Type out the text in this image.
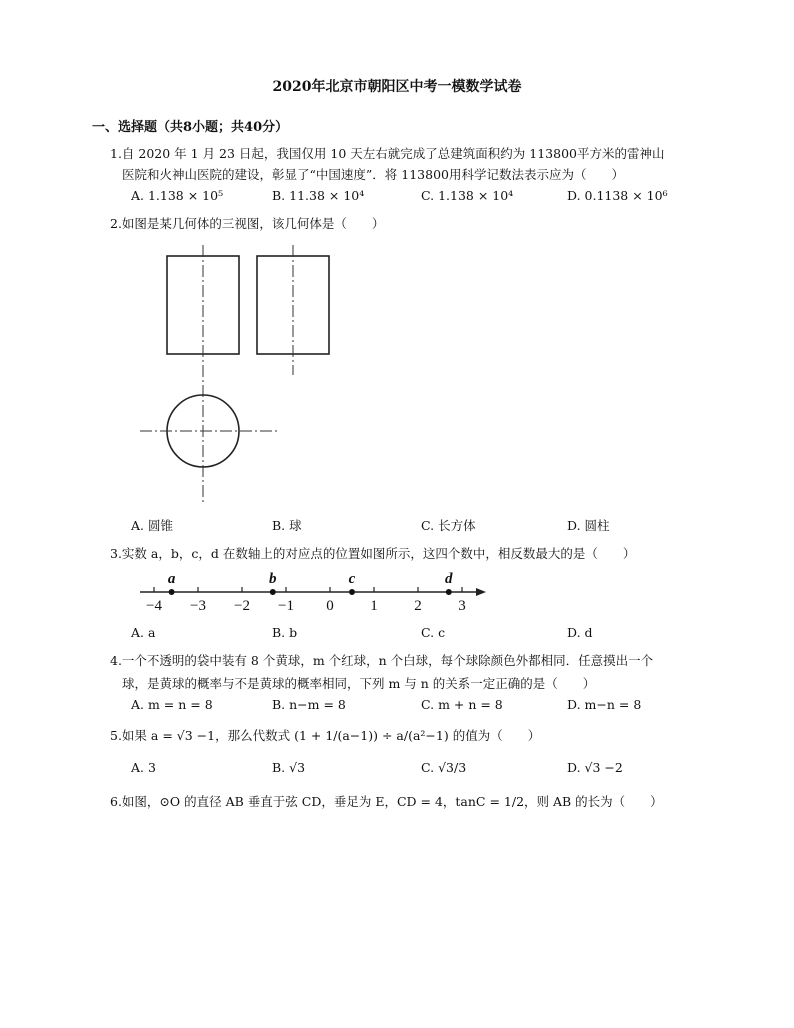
2020年北京市朝阳区中考一模数学试卷
一、选择题（共8小题；共40分）
1.自 2020 年 1 月 23 日起，我国仅用 10 天左右就完成了总建筑面积约为 113800平方米的雷神山
医院和火神山医院的建设，彰显了“中国速度”．将 113800用科学记数法表示应为（　　）
A. 1.138 × 10⁵	B. 11.38 × 10⁴	C. 1.138 × 10⁴	D. 0.1138 × 10⁶
2.如图是某几何体的三视图，该几何体是（　　）
A. 圆锥	B. 球	C. 长方体	D. 圆柱
3.实数 a，b，c，d 在数轴上的对应点的位置如图所示，这四个数中，相反数最大的是（　　）
−4 −3 −2 −1 0 1 2 3
a	b	c	d
A. a	B. b	C. c	D. d
4.一个不透明的袋中装有 8 个黄球，m 个红球，n 个白球，每个球除颜色外都相同．任意摸出一个
球，是黄球的概率与不是黄球的概率相同，下列 m 与 n 的关系一定正确的是（　　）
A. m = n = 8	B. n−m = 8	C. m + n = 8	D. m−n = 8
5.如果 a = √3 −1，那么代数式 (1 + 1/(a−1)) ÷ a/(a²−1) 的值为（　　）
A. 3	B. √3	C. √3/3	D. √3 −2
6.如图，⊙O 的直径 AB 垂直于弦 CD，垂足为 E，CD = 4，tanC = 1/2，则 AB 的长为（　　）
